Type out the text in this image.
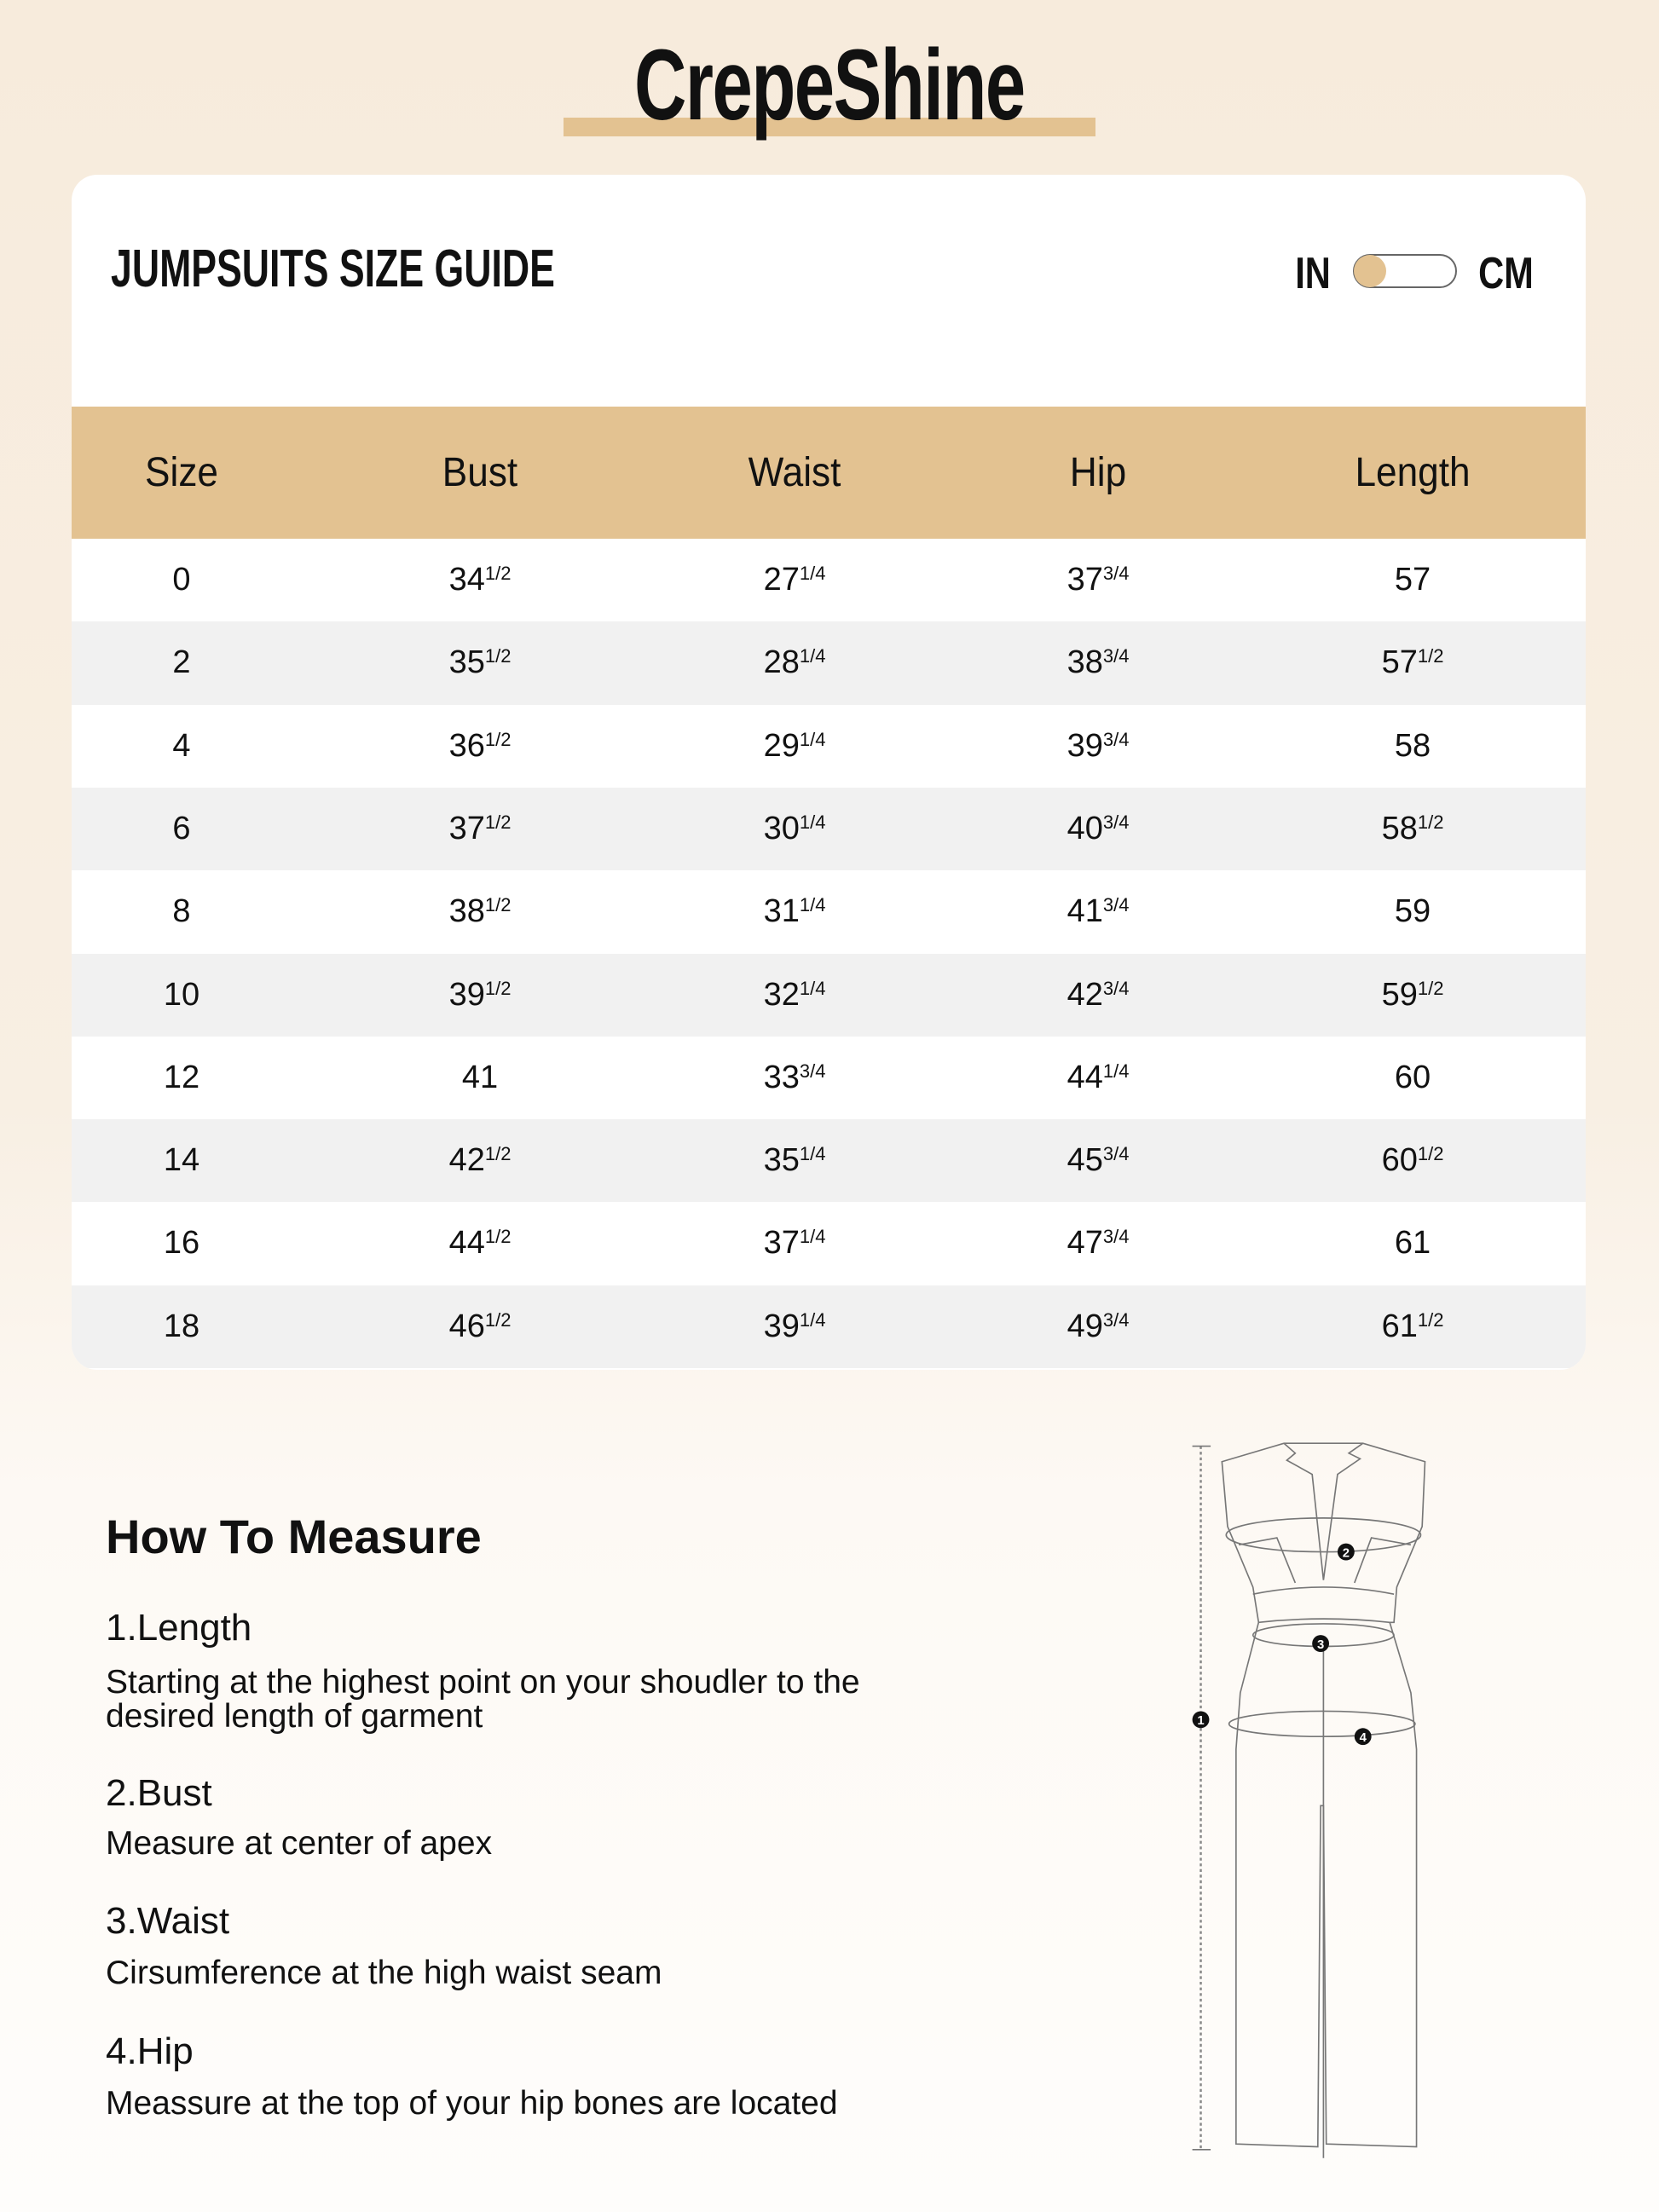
CrepeShine
JUMPSUITS SIZE GUIDE	IN	CM
Size	Bust	Waist	Hip	Length
0	$34^{1/2}$	$27^{1/4}$	$37^{3/4}$	57
2	$35^{1/2}$	$28^{1/4}$	$38^{3/4}$	$57^{1/2}$
4	$36^{1/2}$	$29^{1/4}$	$39^{3/4}$	58
6	$37^{1/2}$	$30^{1/4}$	$40^{3/4}$	$58^{1/2}$
8	$38^{1/2}$	$31^{1/4}$	$41^{3/4}$	59
10	$39^{1/2}$	$32^{1/4}$	$42^{3/4}$	$59^{1/2}$
12	41	$33^{3/4}$	$44^{1/4}$	60
14	$42^{1/2}$	$35^{1/4}$	$45^{3/4}$	$60^{1/2}$
16	$44^{1/2}$	$37^{1/4}$	$47^{3/4}$	61
18	$46^{1/2}$	$39^{1/4}$	$49^{3/4}$	$61^{1/2}$
How To Measure
1.Length
Starting at the highest point on your shoudler to the desired length of garment
2.Bust
Measure at center of apex
3.Waist
Cirsumference at the high waist seam
4.Hip
Meassure at the top of your hip bones are located
1
2
3
4
